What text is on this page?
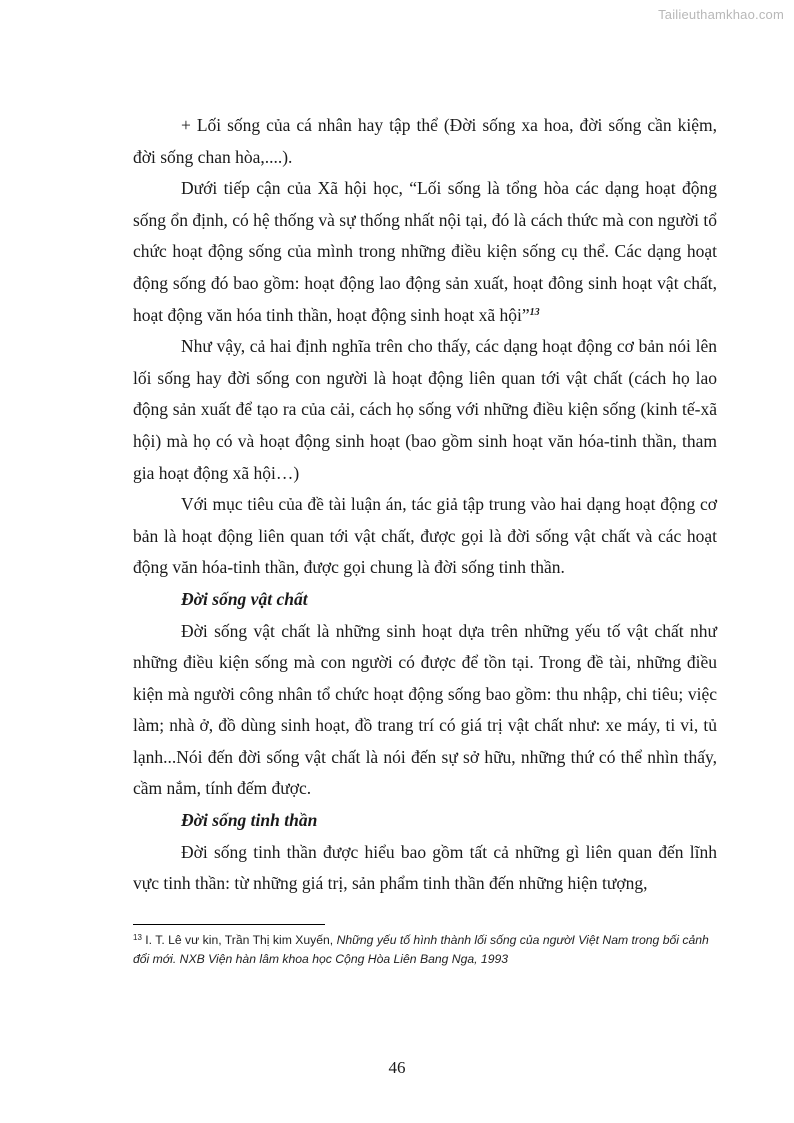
Tailieuthamkhao.com

+ Lối sống của cá nhân hay tập thể (Đời sống xa hoa, đời sống cần kiệm, đời sống chan hòa,....).

Dưới tiếp cận của Xã hội học, “Lối sống là tổng hòa các dạng hoạt động sống ổn định, có hệ thống và sự thống nhất nội tại, đó là cách thức mà con người tổ chức hoạt động sống của mình trong những điều kiện sống cụ thể. Các dạng hoạt động sống đó bao gồm: hoạt động lao động sản xuất, hoạt đông sinh hoạt vật chất, hoạt động văn hóa tinh thần, hoạt động sinh hoạt xã hội”$^{13}$

Như vậy, cả hai định nghĩa trên cho thấy, các dạng hoạt động cơ bản nói lên lối sống hay đời sống con người là hoạt động liên quan tới vật chất (cách họ lao động sản xuất để tạo ra của cải, cách họ sống với những điều kiện sống (kinh tế-xã hội) mà họ có và hoạt động sinh hoạt (bao gồm sinh hoạt văn hóa-tinh thần, tham gia hoạt động xã hội…)

Với mục tiêu của đề tài luận án, tác giả tập trung vào hai dạng hoạt động cơ bản là hoạt động liên quan tới vật chất, được gọi là đời sống vật chất và các hoạt động văn hóa-tinh thần, được gọi chung là đời sống tinh thần.

Đời sống vật chất

Đời sống vật chất là những sinh hoạt dựa trên những yếu tố vật chất như những điều kiện sống mà con người có được để tồn tại. Trong đề tài, những điều kiện mà người công nhân tổ chức hoạt động sống bao gồm: thu nhập, chi tiêu; việc làm; nhà ở, đồ dùng sinh hoạt, đồ trang trí có giá trị vật chất như: xe máy, ti vi, tủ lạnh...Nói đến đời sống vật chất là nói đến sự sở hữu, những thứ có thể nhìn thấy, cầm nắm, tính đếm được.

Đời sống tinh thần

Đời sống tinh thần được hiểu bao gồm tất cả những gì liên quan đến lĩnh vực tinh thần: từ những giá trị, sản phẩm tinh thần đến những hiện tượng,

$^{13}$ I. T. Lê vư kin, Trần Thị kim Xuyến, Những yếu tố hình thành lối sống của ngườI Việt Nam trong bối cảnh đổi mới. NXB Viện hàn lâm khoa học Cộng Hòa Liên Bang Nga, 1993
46
